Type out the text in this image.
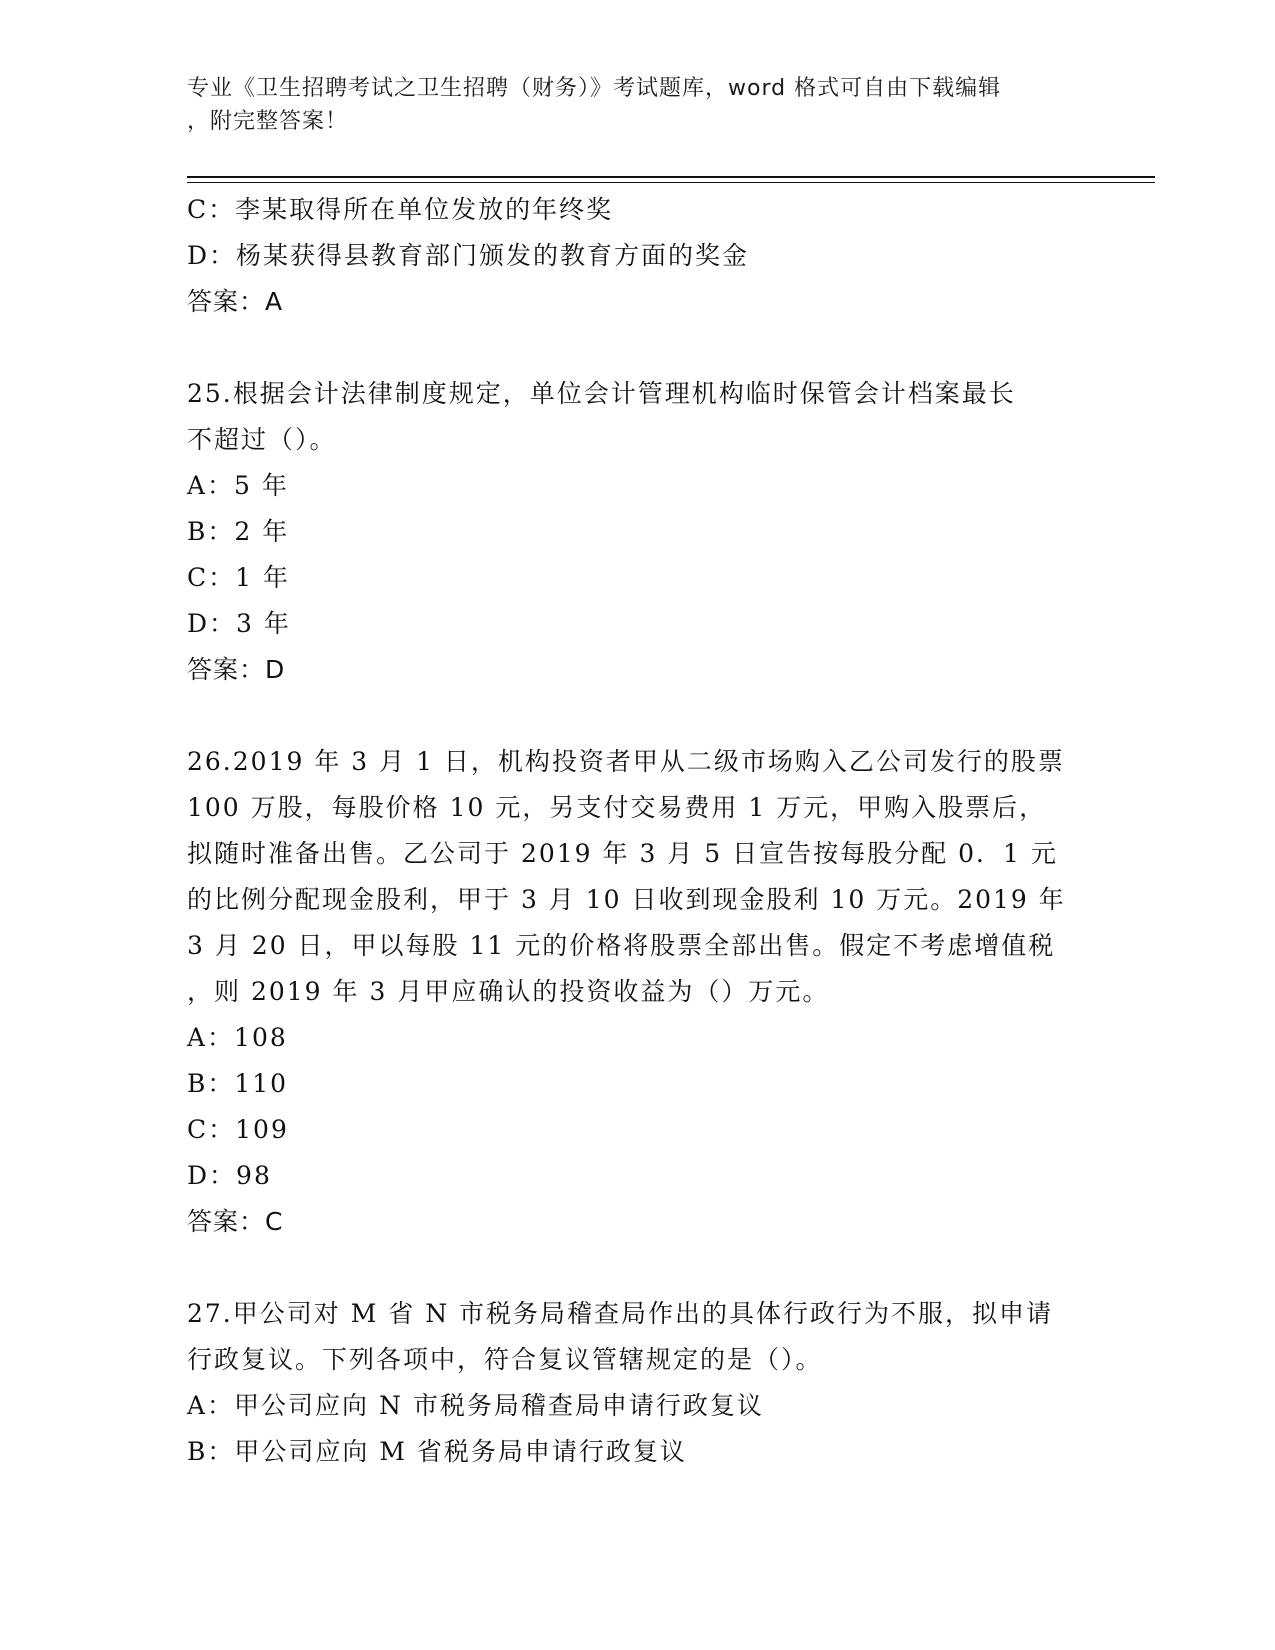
专业《卫生招聘考试之卫生招聘（财务）》考试题库，word 格式可自由下载编辑
，附完整答案！
C：李某取得所在单位发放的年终奖
D：杨某获得县教育部门颁发的教育方面的奖金
答案：A
25.根据会计法律制度规定，单位会计管理机构临时保管会计档案最长
不超过（）。
A：5 年
B：2 年
C：1 年
D：3 年
答案：D
26.2019 年 3 月 1 日，机构投资者甲从二级市场购入乙公司发行的股票
100 万股，每股价格 10 元，另支付交易费用 1 万元，甲购入股票后，
拟随时准备出售。乙公司于 2019 年 3 月 5 日宣告按每股分配 0．1 元
的比例分配现金股利，甲于 3 月 10 日收到现金股利 10 万元。2019 年
3 月 20 日，甲以每股 11 元的价格将股票全部出售。假定不考虑增值税
，则 2019 年 3 月甲应确认的投资收益为（）万元。
A：108
B：110
C：109
D：98
答案：C
27.甲公司对 M 省 N 市税务局稽查局作出的具体行政行为不服，拟申请
行政复议。下列各项中，符合复议管辖规定的是（）。
A：甲公司应向 N 市税务局稽查局申请行政复议
B：甲公司应向 M 省税务局申请行政复议
